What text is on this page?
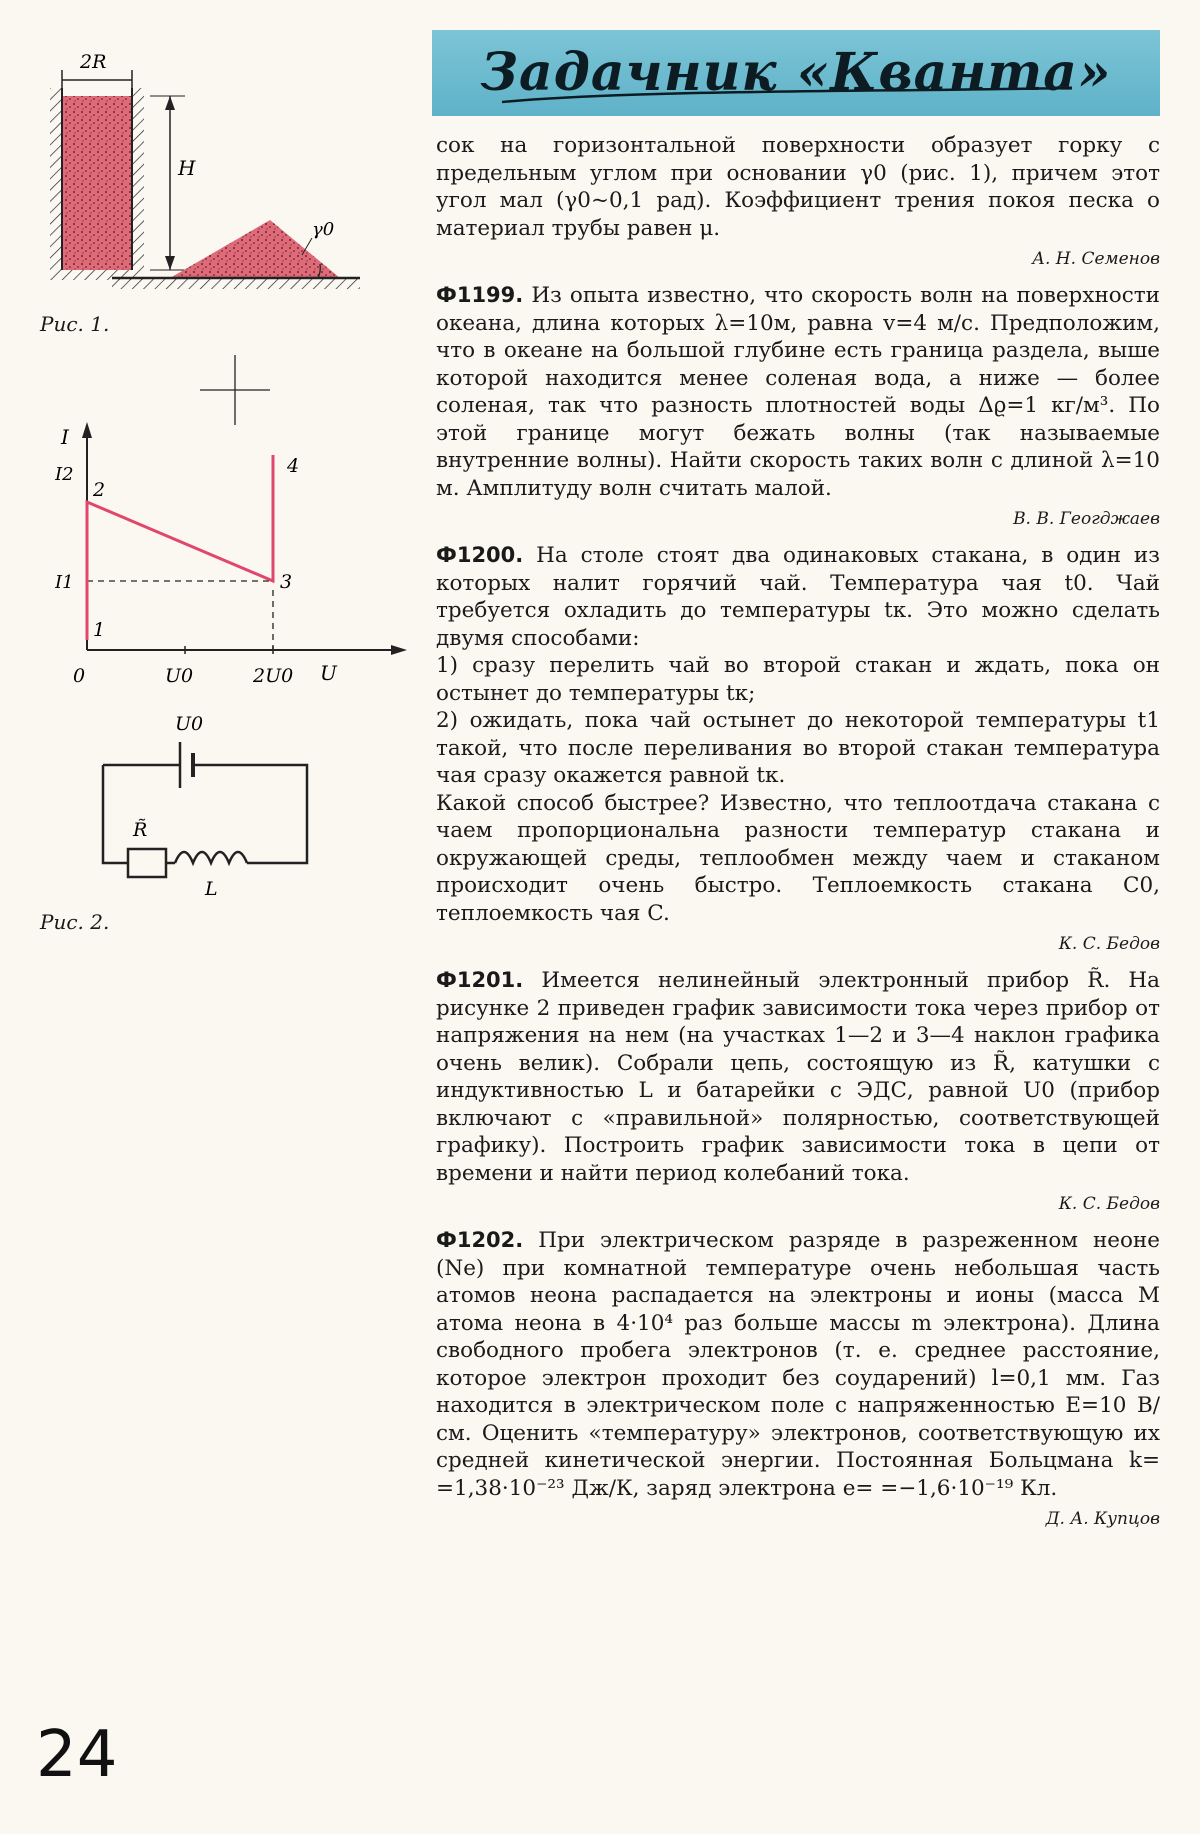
2R
H
γ0
Рис. 1.
I
U
I2
I1
0	U0	2U0
1
2
3
4
U0
R̃
L
Рис. 2.
24
Задачник «Кванта»

сок на горизонтальной поверхности образует горку с предельным углом при основании γ0 (рис. 1), причем этот угол мал (γ0~0,1 рад). Коэффициент трения покоя песка о материал трубы равен μ.

А. Н. Семенов

Ф1199. Из опыта известно, что скорость волн на поверхности океана, длина которых λ=10м, равна v=4 м/с. Предположим, что в океане на большой глубине есть граница раздела, выше которой находится менее соленая вода, а ниже — более соленая, так что разность плотностей воды Δϱ=1 кг/м³. По этой границе могут бежать волны (так называемые внутренние волны). Найти скорость таких волн с длиной λ=10 м. Амплитуду волн считать малой.

В. В. Геогджаев

Ф1200. На столе стоят два одинаковых стакана, в один из которых налит горячий чай. Температура чая t0. Чай требуется охладить до температуры tк. Это можно сделать двумя способами:

1) сразу перелить чай во второй стакан и ждать, пока он остынет до температуры tк;

2) ожидать, пока чай остынет до некоторой температуры t1 такой, что после переливания во второй стакан температура чая сразу окажется равной tк.

Какой способ быстрее? Известно, что теплоотдача стакана с чаем пропорциональна разности температур стакана и окружающей среды, теплообмен между чаем и стаканом происходит очень быстро. Теплоемкость стакана C0, теплоемкость чая C.

К. С. Бедов

Ф1201. Имеется нелинейный электронный прибор R̃. На рисунке 2 приведен график зависимости тока через прибор от напряжения на нем (на участках 1—2 и 3—4 наклон графика очень велик). Собрали цепь, состоящую из R̃, катушки с индуктивностью L и батарейки с ЭДС, равной U0 (прибор включают с «правильной» полярностью, соответствующей графику). Построить график зависимости тока в цепи от времени и найти период колебаний тока.

К. С. Бедов

Ф1202. При электрическом разряде в разреженном неоне (Ne) при комнатной температуре очень небольшая часть атомов неона распадается на электроны и ионы (масса M атома неона в 4·10⁴ раз больше массы m электрона). Длина свободного пробега электронов (т. е. среднее расстояние, которое электрон проходит без соударений) l=0,1 мм. Газ находится в электрическом поле с напряженностью E=10 В/см. Оценить «температуру» электронов, соответствующую их средней кинетической энергии. Постоянная Больцмана k= =1,38·10⁻²³ Дж/К, заряд электрона e= =−1,6·10⁻¹⁹ Кл.

Д. А. Купцов
